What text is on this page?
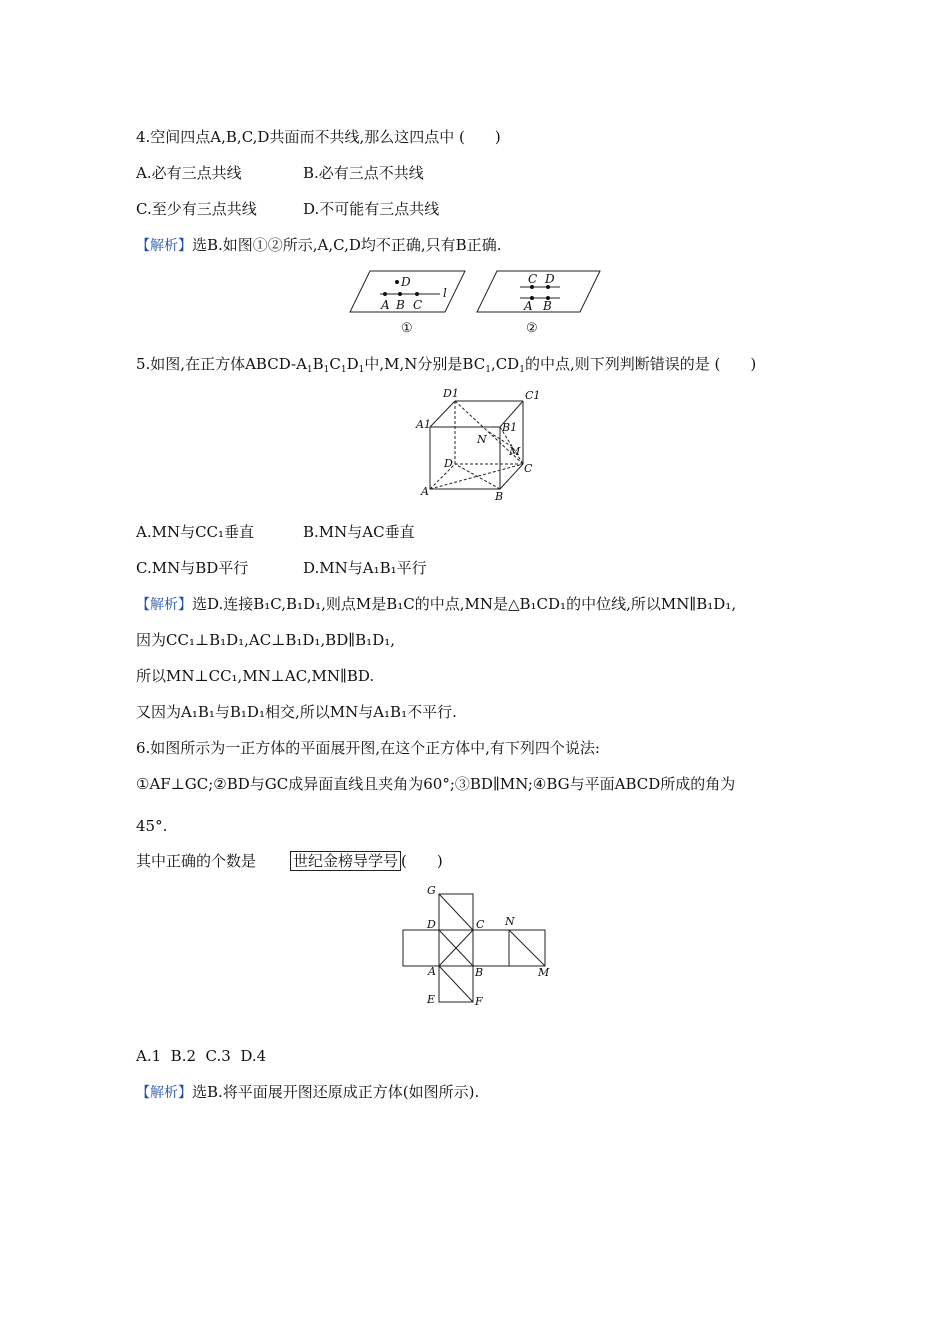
4.空间四点A,B,C,D共面而不共线,那么这四点中 (　　)
A.必有三点共线	B.必有三点不共线
C.至少有三点共线	D.不可能有三点共线
【解析】选B.如图①②所示,A,C,D均不正确,只有B正确.
D
A B C
l
①
C D
A B
②
5.如图,在正方体ABCD-$A_1B_1C_1D_1$中,M,N分别是$BC_1,CD_1$的中点,则下列判断错误的是 (　　)
D1	C1
A1	B1
N
M
D	C
A	B
A.MN与CC₁垂直	B.MN与AC垂直
C.MN与BD平行	D.MN与A₁B₁平行
【解析】选D.连接B₁C,B₁D₁,则点M是B₁C的中点,MN是△B₁CD₁的中位线,所以MN∥B₁D₁,
因为CC₁⊥B₁D₁,AC⊥B₁D₁,BD∥B₁D₁,
所以MN⊥CC₁,MN⊥AC,MN∥BD.
又因为A₁B₁与B₁D₁相交,所以MN与A₁B₁不平行.
6.如图所示为一正方体的平面展开图,在这个正方体中,有下列四个说法:
①AF⊥GC;②BD与GC成异面直线且夹角为60°;③BD∥MN;④BG与平面ABCD所成的角为
45°.
其中正确的个数是 世纪金榜导学号 (　　)
G
D	C N
A	B	M
E	F
A.1  B.2  C.3  D.4
【解析】选B.将平面展开图还原成正方体(如图所示).
